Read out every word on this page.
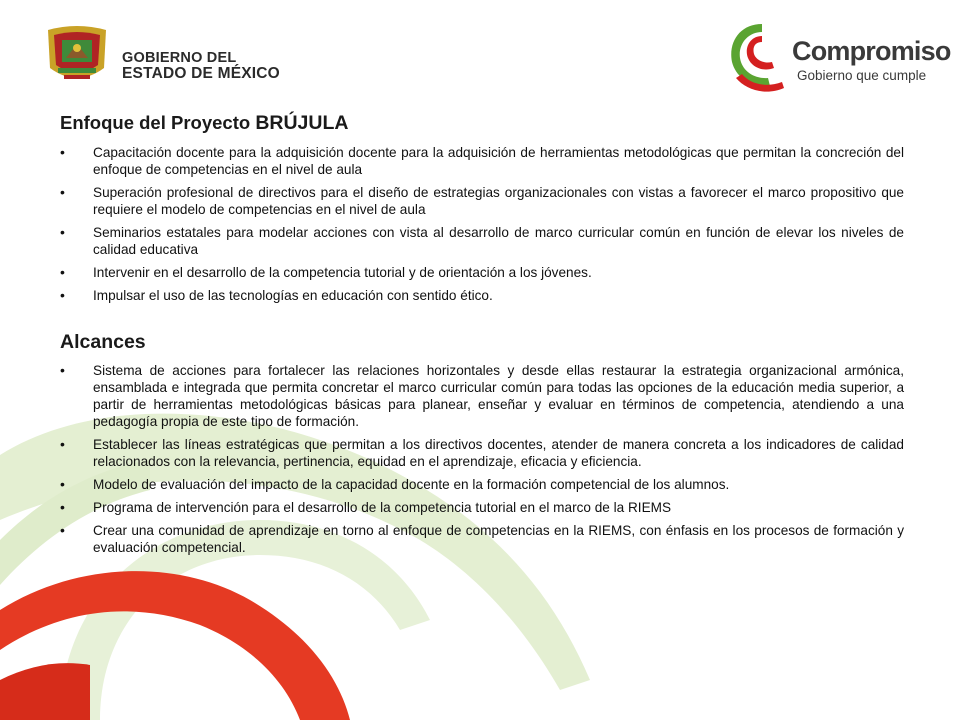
GOBIERNO DEL
ESTADO DE MÉXICO
Compromiso
Gobierno que cumple
Enfoque del Proyecto BRÚJULA
• Capacitación docente para la adquisición docente para la adquisición de herramientas metodológicas que permitan la concreción del enfoque de competencias en el nivel de aula
• Superación profesional de directivos para el diseño de estrategias organizacionales con vistas a favorecer el marco propositivo que requiere el modelo de competencias en el nivel de aula
• Seminarios estatales para modelar acciones con vista al desarrollo de marco curricular común en función de elevar los niveles de calidad educativa
• Intervenir en el desarrollo de la competencia tutorial y de orientación a los jóvenes.
• Impulsar el uso de las tecnologías en educación con sentido ético.
Alcances
• Sistema de acciones para fortalecer las relaciones horizontales y desde ellas restaurar la estrategia organizacional armónica, ensamblada e integrada que permita concretar el marco curricular común para todas las opciones de la educación media superior, a partir de herramientas metodológicas básicas para planear, enseñar y evaluar en términos de competencia, atendiendo a una pedagogía propia de este tipo de formación.
• Establecer las líneas estratégicas que permitan a los directivos docentes, atender de manera concreta a los indicadores de calidad relacionados con la relevancia, pertinencia, equidad en el aprendizaje, eficacia y eficiencia.
• Modelo de evaluación del impacto de la capacidad docente en la formación competencial de los alumnos.
• Programa de intervención para el desarrollo de la competencia tutorial en el marco de la RIEMS
• Crear una comunidad de aprendizaje en torno al enfoque de competencias en la RIEMS, con énfasis en los procesos de formación y evaluación competencial.
